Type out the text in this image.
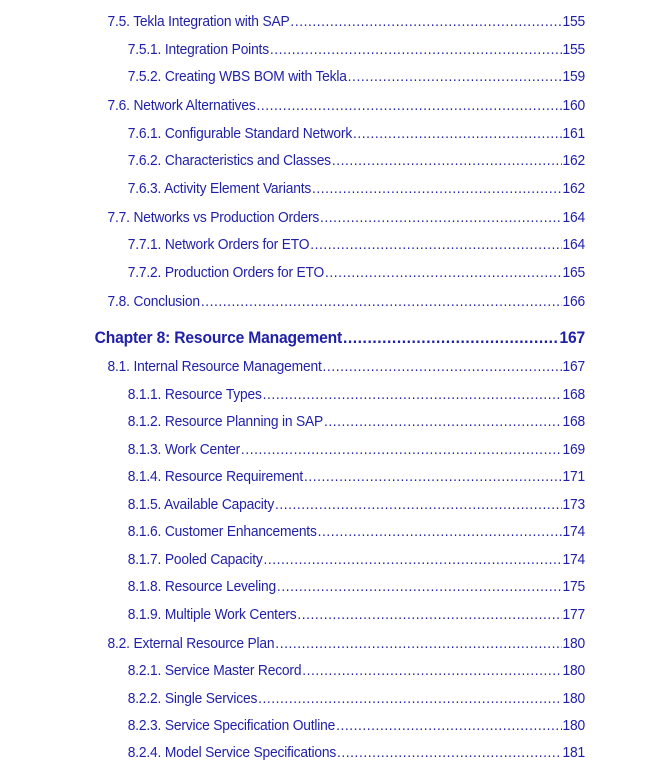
7.5. Tekla Integration with SAP .....	155
7.5.1. Integration Points .....	155
7.5.2. Creating WBS BOM with Tekla .....	159
7.6. Network Alternatives .....	160
7.6.1. Configurable Standard Network .....	161
7.6.2. Characteristics and Classes .....	162
7.6.3. Activity Element Variants .....	162
7.7. Networks vs Production Orders .....	164
7.7.1. Network Orders for ETO .....	164
7.7.2. Production Orders for ETO .....	165
7.8. Conclusion .....	166
Chapter 8: Resource Management .....	167
8.1. Internal Resource Management .....	167
8.1.1. Resource Types .....	168
8.1.2. Resource Planning in SAP .....	168
8.1.3. Work Center .....	169
8.1.4. Resource Requirement .....	171
8.1.5. Available Capacity .....	173
8.1.6. Customer Enhancements .....	174
8.1.7. Pooled Capacity .....	174
8.1.8. Resource Leveling .....	175
8.1.9. Multiple Work Centers .....	177
8.2. External Resource Plan .....	180
8.2.1. Service Master Record .....	180
8.2.2. Single Services .....	180
8.2.3. Service Specification Outline .....	180
8.2.4. Model Service Specifications .....	181
